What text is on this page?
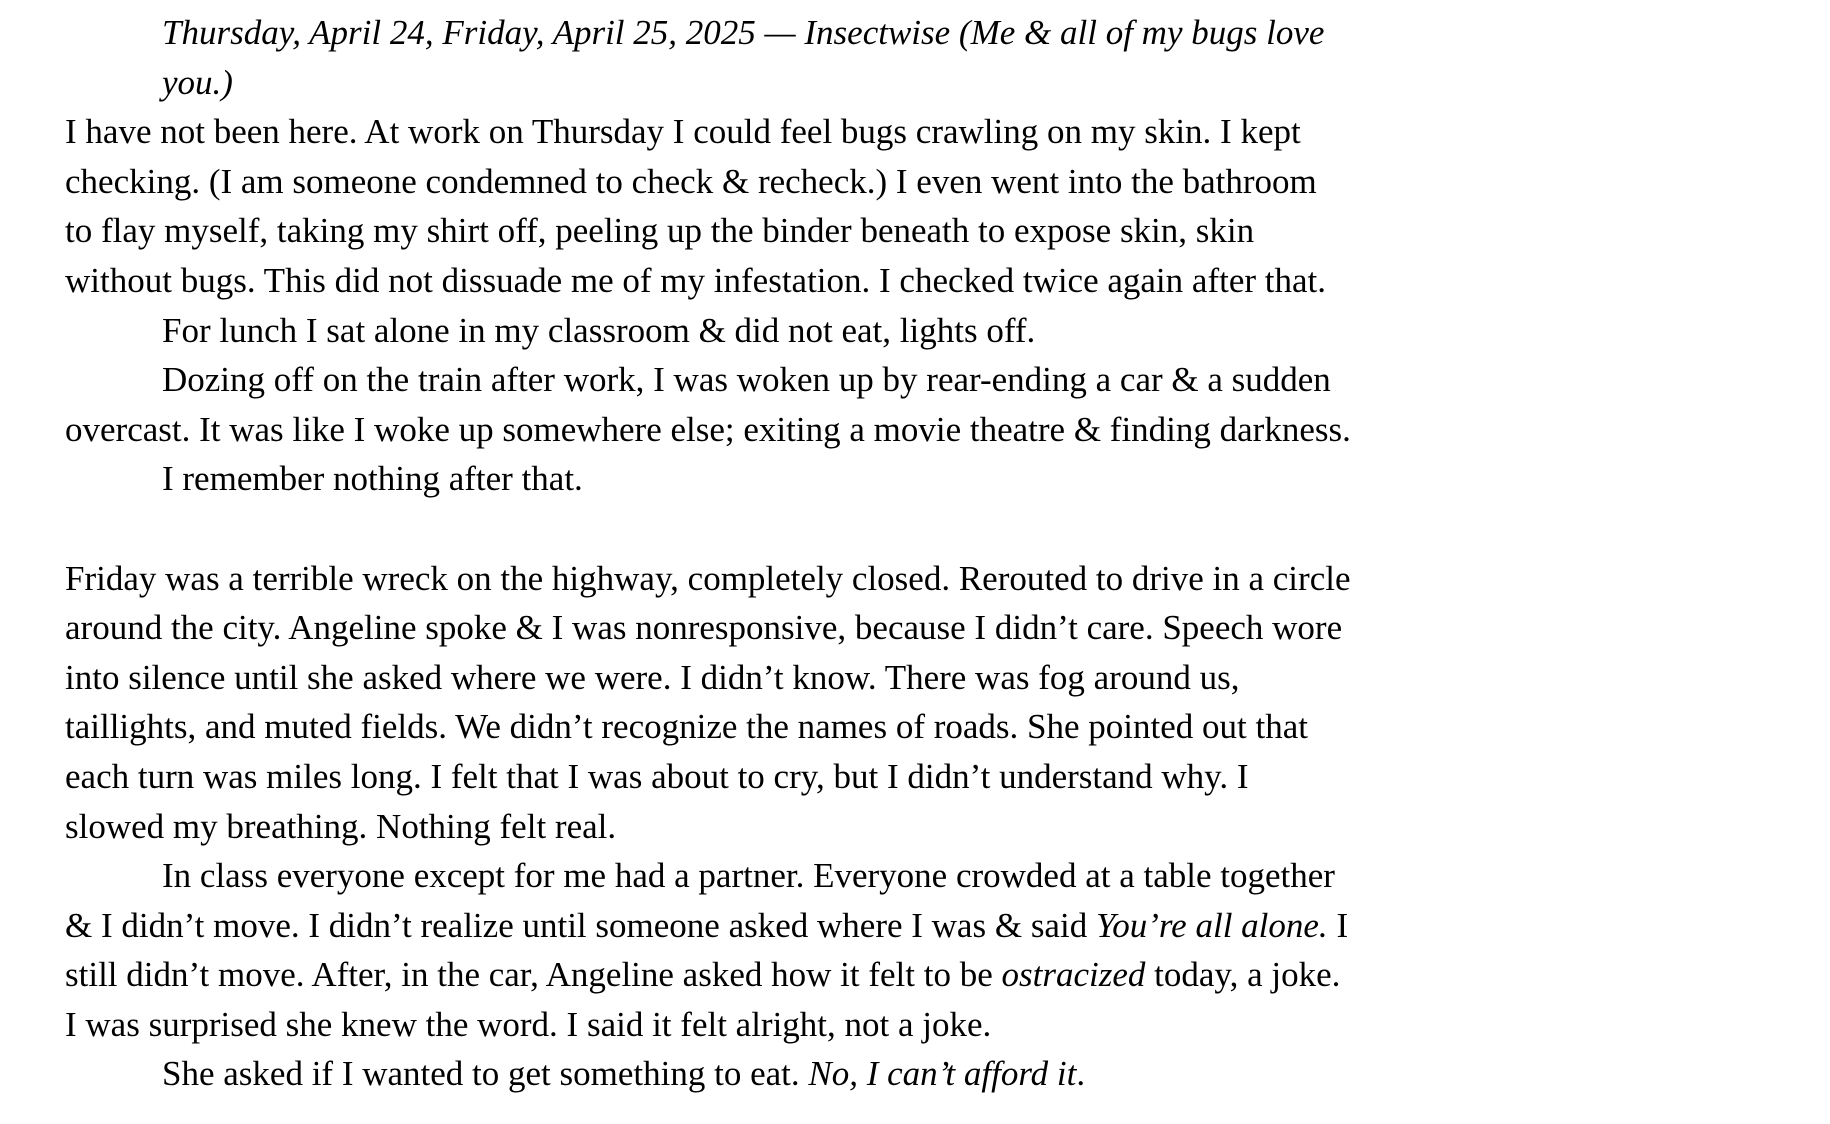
Thursday, April 24, Friday, April 25, 2025 — Insectwise (Me & all of my bugs love
you.)
I have not been here. At work on Thursday I could feel bugs crawling on my skin. I kept
checking. (I am someone condemned to check & recheck.) I even went into the bathroom
to flay myself, taking my shirt off, peeling up the binder beneath to expose skin, skin
without bugs. This did not dissuade me of my infestation. I checked twice again after that.
For lunch I sat alone in my classroom & did not eat, lights off.
Dozing off on the train after work, I was woken up by rear-ending a car & a sudden
overcast. It was like I woke up somewhere else; exiting a movie theatre & finding darkness.
I remember nothing after that.
Friday was a terrible wreck on the highway, completely closed. Rerouted to drive in a circle
around the city. Angeline spoke & I was nonresponsive, because I didn’t care. Speech wore
into silence until she asked where we were. I didn’t know. There was fog around us,
taillights, and muted fields. We didn’t recognize the names of roads. She pointed out that
each turn was miles long. I felt that I was about to cry, but I didn’t understand why. I
slowed my breathing. Nothing felt real.
In class everyone except for me had a partner. Everyone crowded at a table together
& I didn’t move. I didn’t realize until someone asked where I was & said You’re all alone. I
still didn’t move. After, in the car, Angeline asked how it felt to be ostracized today, a joke.
I was surprised she knew the word. I said it felt alright, not a joke.
She asked if I wanted to get something to eat. No, I can’t afford it.
